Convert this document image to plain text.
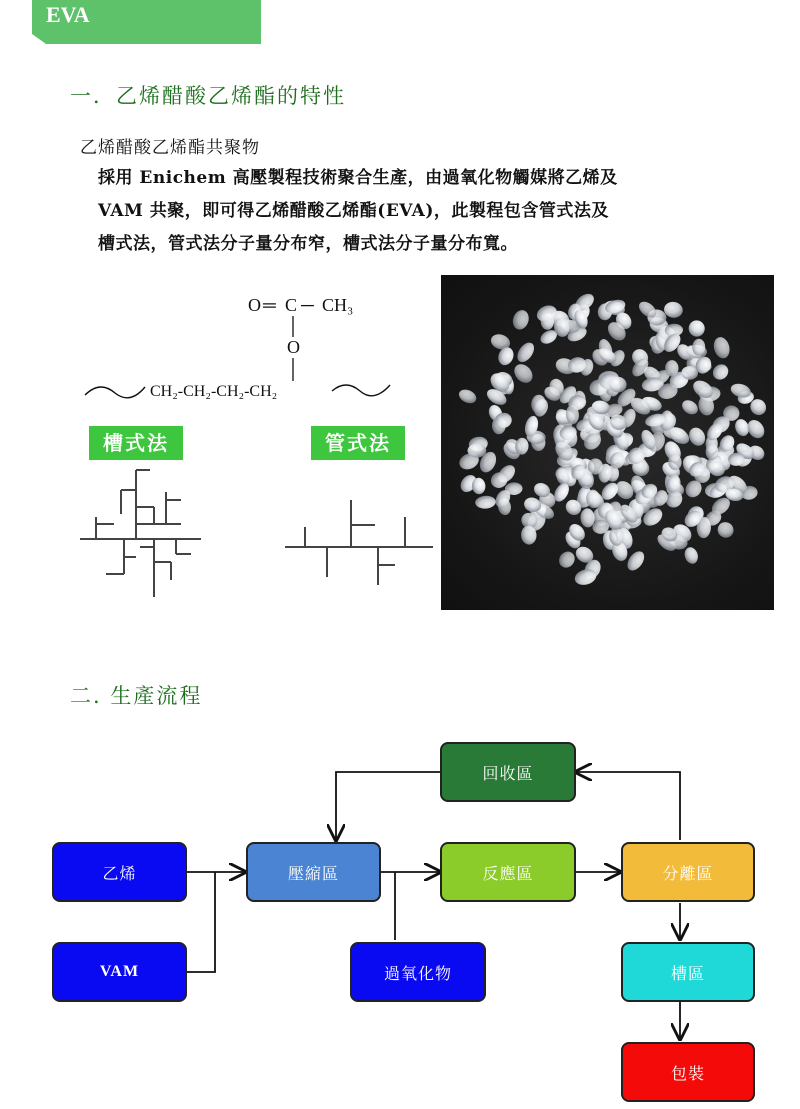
EVA
一．乙烯醋酸乙烯酯的特性
乙烯醋酸乙烯酯共聚物
採用 Enichem 高壓製程技術聚合生產，由過氧化物觸媒將乙烯及
VAM 共聚，即可得乙烯醋酸乙烯酯(EVA)，此製程包含管式法及
槽式法，管式法分子量分布窄，槽式法分子量分布寬。
O ═ C ─ CH₃
O
CH₂-CH₂-CH₂-CH₂
槽式法	管式法
二. 生產流程
乙烯
VAM
壓縮區
過氧化物
回收區
反應區	分離區
槽區
包裝
